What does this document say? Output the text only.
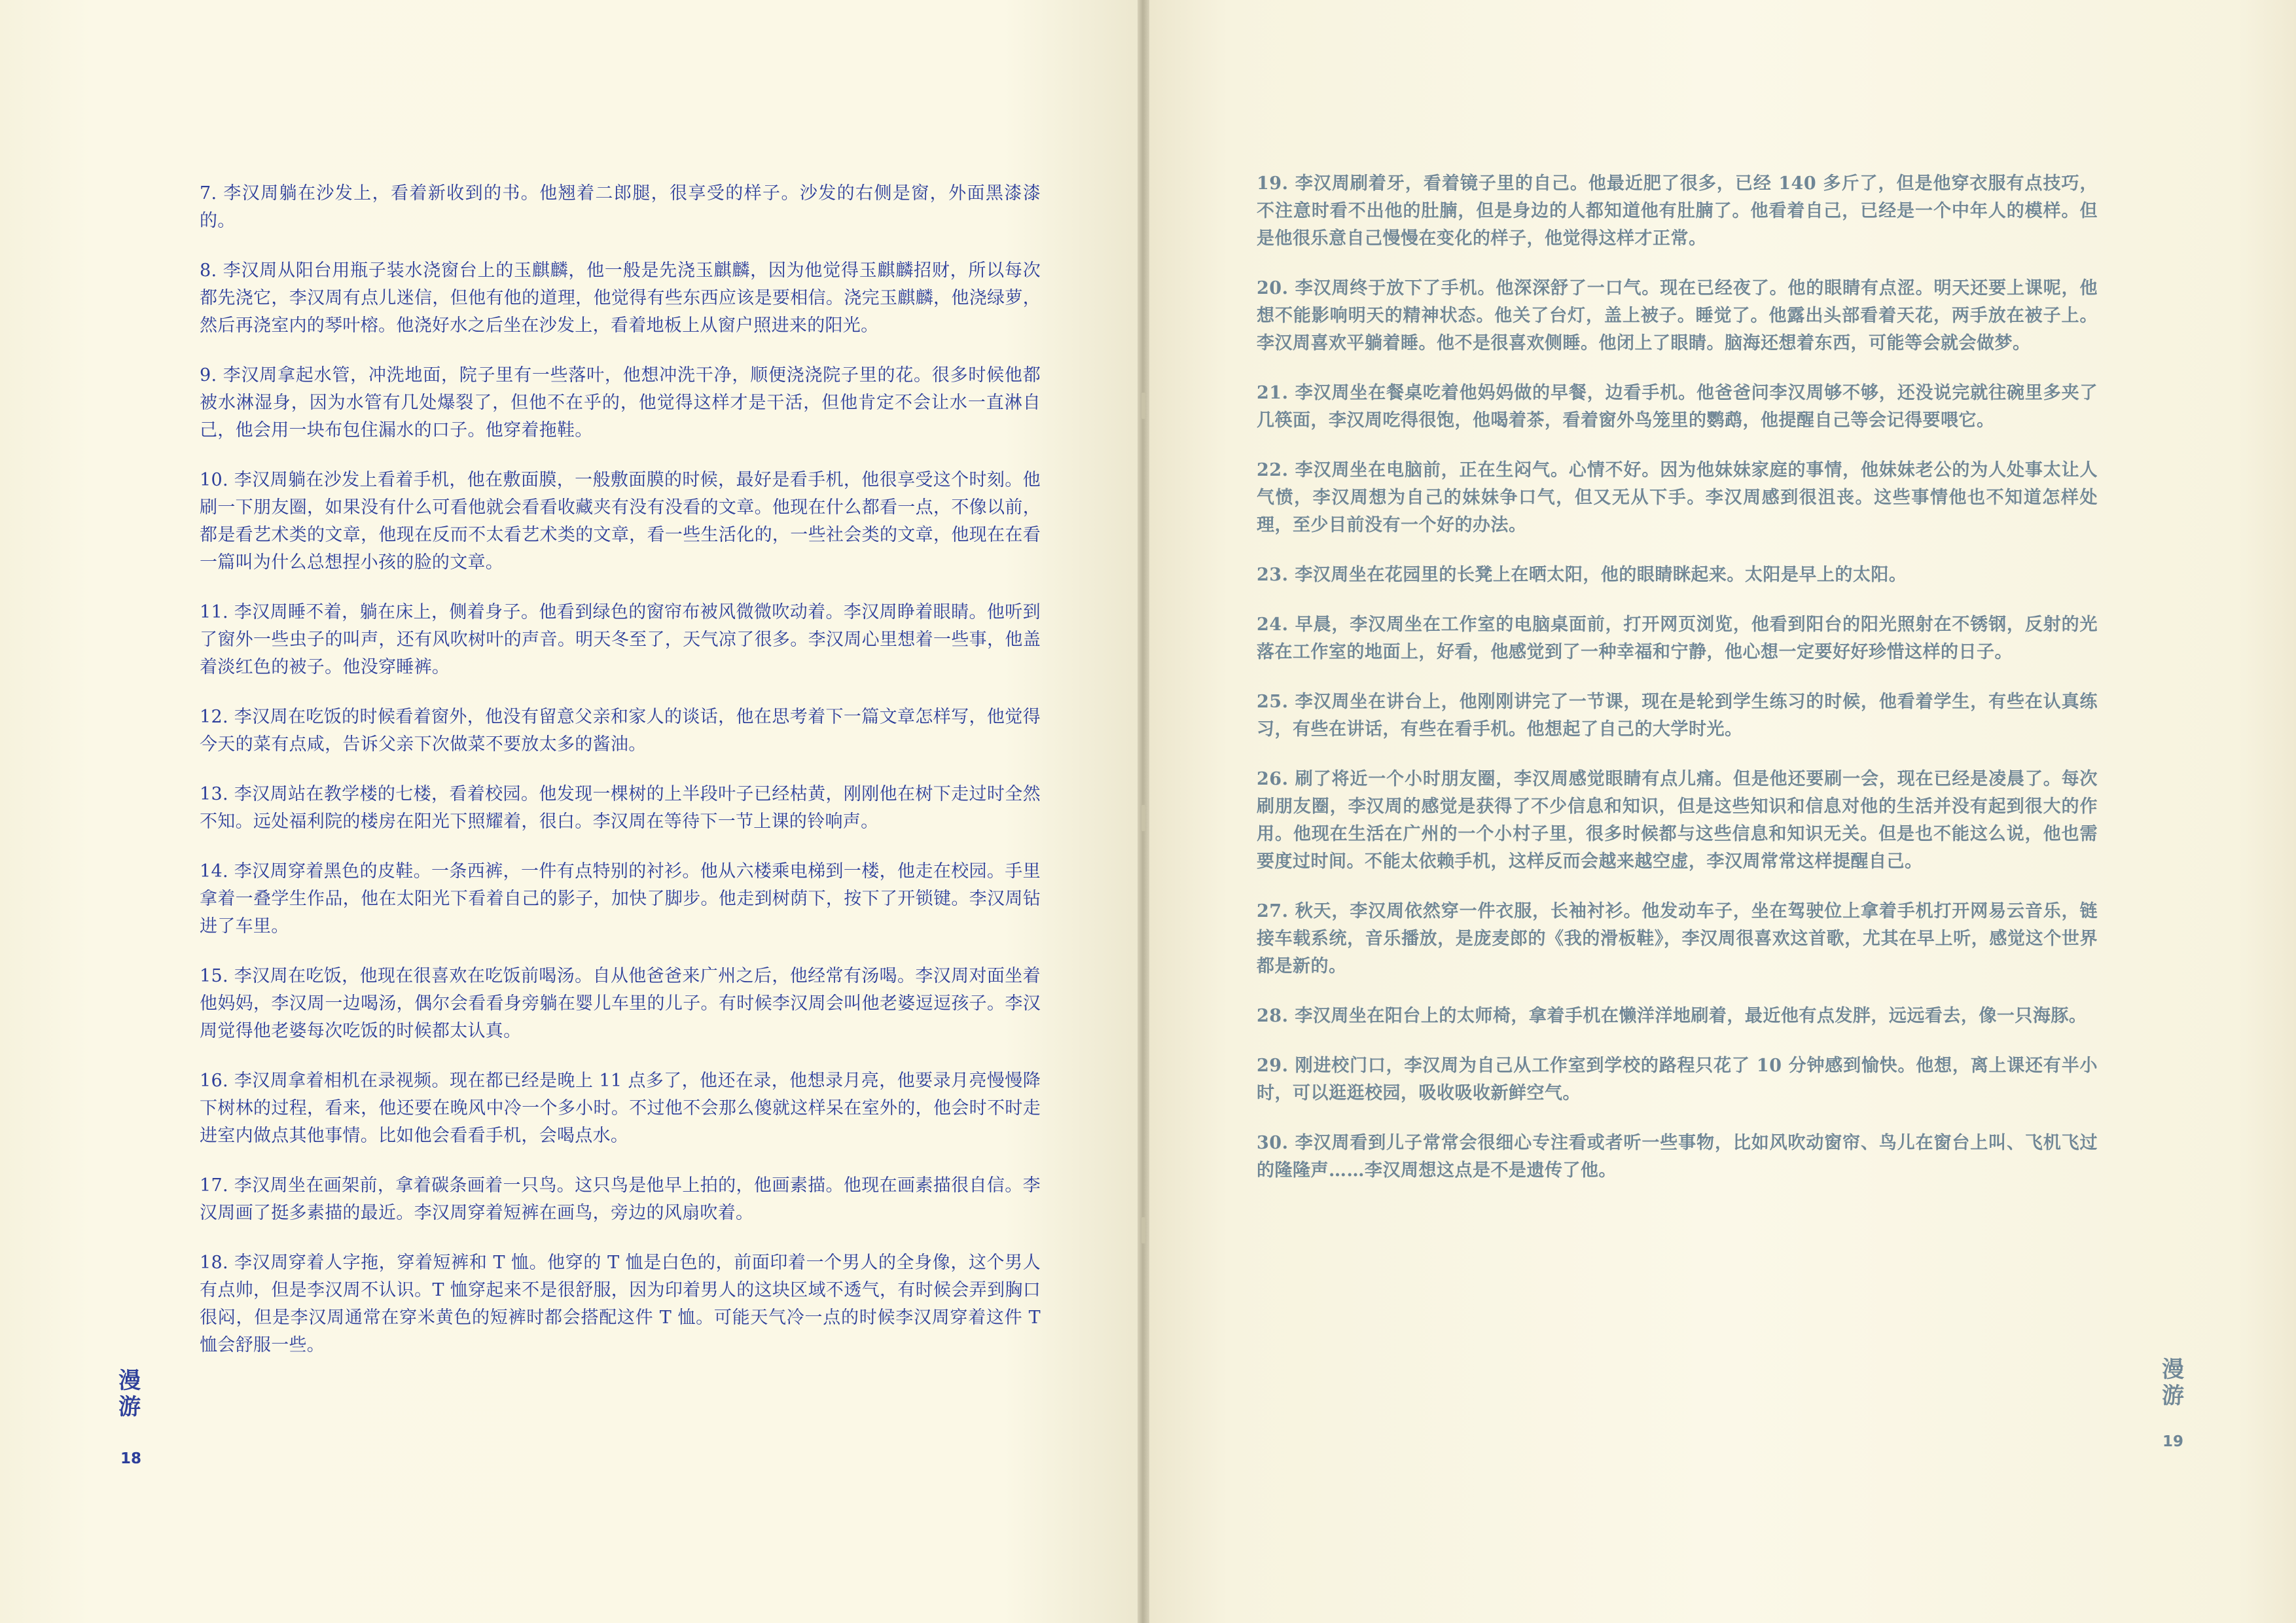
7. 李汉周躺在沙发上，看着新收到的书。他翘着二郎腿，很享受的样子。沙发的右侧是窗，外面黑漆漆的。

8. 李汉周从阳台用瓶子装水浇窗台上的玉麒麟，他一般是先浇玉麒麟，因为他觉得玉麒麟招财，所以每次都先浇它，李汉周有点儿迷信，但他有他的道理，他觉得有些东西应该是要相信。浇完玉麒麟，他浇绿萝，然后再浇室内的琴叶榕。他浇好水之后坐在沙发上，看着地板上从窗户照进来的阳光。

9. 李汉周拿起水管，冲洗地面，院子里有一些落叶，他想冲洗干净，顺便浇浇院子里的花。很多时候他都被水淋湿身，因为水管有几处爆裂了，但他不在乎的，他觉得这样才是干活，但他肯定不会让水一直淋自己，他会用一块布包住漏水的口子。他穿着拖鞋。

10. 李汉周躺在沙发上看着手机，他在敷面膜，一般敷面膜的时候，最好是看手机，他很享受这个时刻。他刷一下朋友圈，如果没有什么可看他就会看看收藏夹有没有没看的文章。他现在什么都看一点，不像以前，都是看艺术类的文章，他现在反而不太看艺术类的文章，看一些生活化的，一些社会类的文章，他现在在看一篇叫为什么总想捏小孩的脸的文章。

11. 李汉周睡不着，躺在床上，侧着身子。他看到绿色的窗帘布被风微微吹动着。李汉周睁着眼睛。他听到了窗外一些虫子的叫声，还有风吹树叶的声音。明天冬至了，天气凉了很多。李汉周心里想着一些事，他盖着淡红色的被子。他没穿睡裤。

12. 李汉周在吃饭的时候看着窗外，他没有留意父亲和家人的谈话，他在思考着下一篇文章怎样写，他觉得今天的菜有点咸，告诉父亲下次做菜不要放太多的酱油。

13. 李汉周站在教学楼的七楼，看着校园。他发现一棵树的上半段叶子已经枯黄，刚刚他在树下走过时全然不知。远处福利院的楼房在阳光下照耀着，很白。李汉周在等待下一节上课的铃响声。

14. 李汉周穿着黑色的皮鞋。一条西裤，一件有点特别的衬衫。他从六楼乘电梯到一楼，他走在校园。手里拿着一叠学生作品，他在太阳光下看着自己的影子，加快了脚步。他走到树荫下，按下了开锁键。李汉周钻进了车里。

15. 李汉周在吃饭，他现在很喜欢在吃饭前喝汤。自从他爸爸来广州之后，他经常有汤喝。李汉周对面坐着他妈妈，李汉周一边喝汤，偶尔会看看身旁躺在婴儿车里的儿子。有时候李汉周会叫他老婆逗逗孩子。李汉周觉得他老婆每次吃饭的时候都太认真。

16. 李汉周拿着相机在录视频。现在都已经是晚上 11 点多了，他还在录，他想录月亮，他要录月亮慢慢降下树林的过程，看来，他还要在晚风中冷一个多小时。不过他不会那么傻就这样呆在室外的，他会时不时走进室内做点其他事情。比如他会看看手机，会喝点水。

17. 李汉周坐在画架前，拿着碳条画着一只鸟。这只鸟是他早上拍的，他画素描。他现在画素描很自信。李汉周画了挺多素描的最近。李汉周穿着短裤在画鸟，旁边的风扇吹着。

18. 李汉周穿着人字拖，穿着短裤和 T 恤。他穿的 T 恤是白色的，前面印着一个男人的全身像，这个男人有点帅，但是李汉周不认识。T 恤穿起来不是很舒服，因为印着男人的这块区域不透气，有时候会弄到胸口很闷，但是李汉周通常在穿米黄色的短裤时都会搭配这件 T 恤。可能天气冷一点的时候李汉周穿着这件 T 恤会舒服一些。

漫游
18

19. 李汉周刷着牙，看着镜子里的自己。他最近肥了很多，已经 140 多斤了，但是他穿衣服有点技巧，不注意时看不出他的肚腩，但是身边的人都知道他有肚腩了。他看着自己，已经是一个中年人的模样。但是他很乐意自己慢慢在变化的样子，他觉得这样才正常。

20. 李汉周终于放下了手机。他深深舒了一口气。现在已经夜了。他的眼睛有点涩。明天还要上课呢，他想不能影响明天的精神状态。他关了台灯，盖上被子。睡觉了。他露出头部看着天花，两手放在被子上。李汉周喜欢平躺着睡。他不是很喜欢侧睡。他闭上了眼睛。脑海还想着东西，可能等会就会做梦。

21. 李汉周坐在餐桌吃着他妈妈做的早餐，边看手机。他爸爸问李汉周够不够，还没说完就往碗里多夹了几筷面，李汉周吃得很饱，他喝着茶，看着窗外鸟笼里的鹦鹉，他提醒自己等会记得要喂它。

22. 李汉周坐在电脑前，正在生闷气。心情不好。因为他妹妹家庭的事情，他妹妹老公的为人处事太让人气愤，李汉周想为自己的妹妹争口气，但又无从下手。李汉周感到很沮丧。这些事情他也不知道怎样处理，至少目前没有一个好的办法。

23. 李汉周坐在花园里的长凳上在晒太阳，他的眼睛眯起来。太阳是早上的太阳。

24. 早晨，李汉周坐在工作室的电脑桌面前，打开网页浏览，他看到阳台的阳光照射在不锈钢，反射的光落在工作室的地面上，好看，他感觉到了一种幸福和宁静，他心想一定要好好珍惜这样的日子。

25. 李汉周坐在讲台上，他刚刚讲完了一节课，现在是轮到学生练习的时候，他看着学生，有些在认真练习，有些在讲话，有些在看手机。他想起了自己的大学时光。

26. 刷了将近一个小时朋友圈，李汉周感觉眼睛有点儿痛。但是他还要刷一会，现在已经是凌晨了。每次刷朋友圈，李汉周的感觉是获得了不少信息和知识，但是这些知识和信息对他的生活并没有起到很大的作用。他现在生活在广州的一个小村子里，很多时候都与这些信息和知识无关。但是也不能这么说，他也需要度过时间。不能太依赖手机，这样反而会越来越空虚，李汉周常常这样提醒自己。

27. 秋天，李汉周依然穿一件衣服，长袖衬衫。他发动车子，坐在驾驶位上拿着手机打开网易云音乐，链接车载系统，音乐播放，是庞麦郎的《我的滑板鞋》，李汉周很喜欢这首歌，尤其在早上听，感觉这个世界都是新的。

28. 李汉周坐在阳台上的太师椅，拿着手机在懒洋洋地刷着，最近他有点发胖，远远看去，像一只海豚。

29. 刚进校门口，李汉周为自己从工作室到学校的路程只花了 10 分钟感到愉快。他想，离上课还有半小时，可以逛逛校园，吸收吸收新鲜空气。

30. 李汉周看到儿子常常会很细心专注看或者听一些事物，比如风吹动窗帘、鸟儿在窗台上叫、飞机飞过的隆隆声……李汉周想这点是不是遗传了他。

漫游
19
